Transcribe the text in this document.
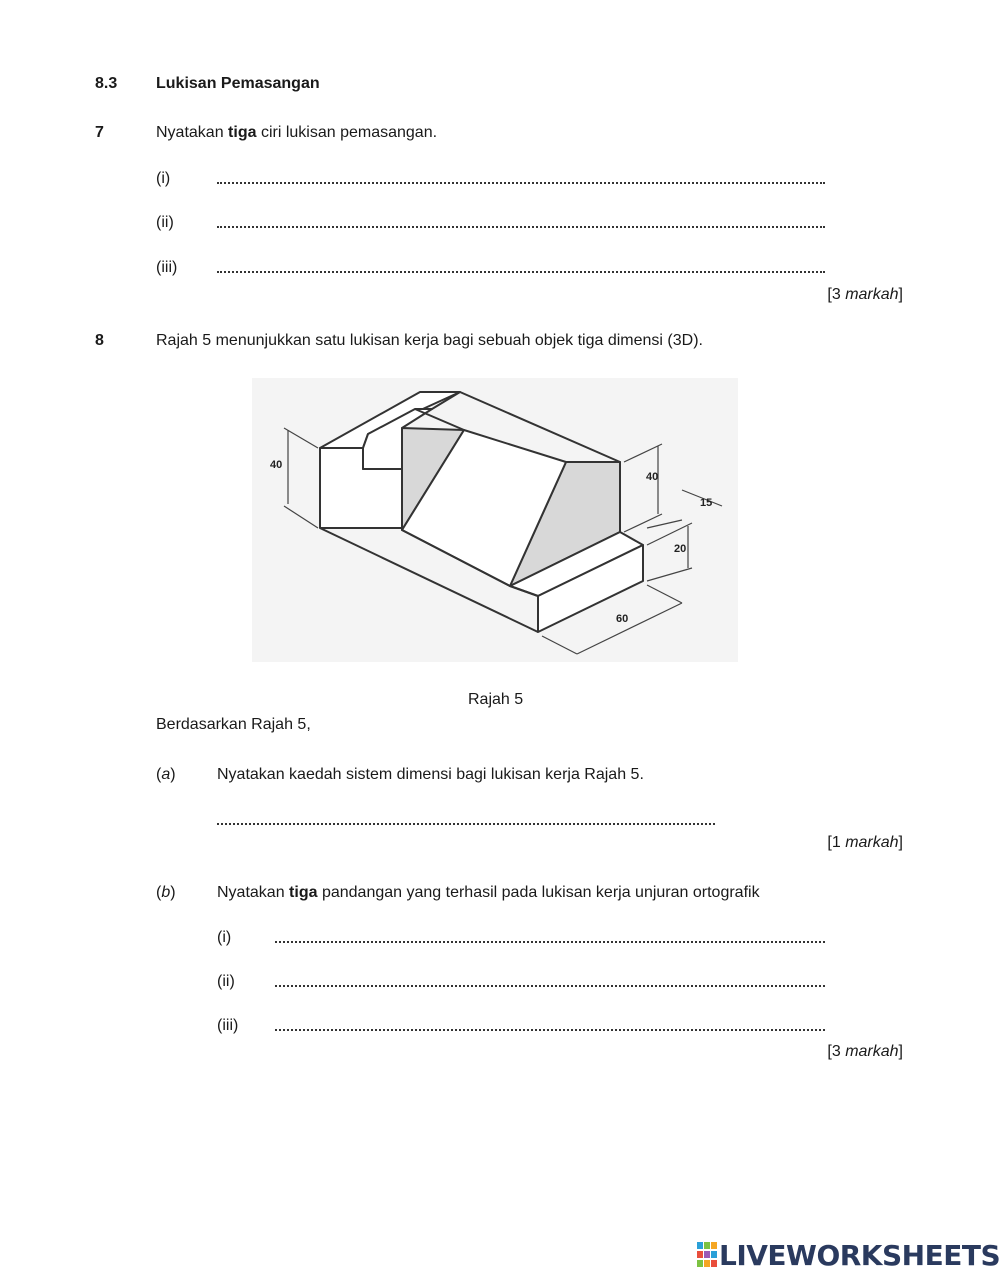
8.3 Lukisan Pemasangan
7	Nyatakan tiga ciri lukisan pemasangan.
(i)
(ii)
(iii)
[3 markah]
8	Rajah 5 menunjukkan satu lukisan kerja bagi sebuah objek tiga dimensi (3D).
40
40
15
20
60
Rajah 5
Berdasarkan Rajah 5,
(a)	Nyatakan kaedah sistem dimensi bagi lukisan kerja Rajah 5.
[1 markah]
(b)	Nyatakan tiga pandangan yang terhasil pada lukisan kerja unjuran ortografik
(i)
(ii)
(iii)
[3 markah]
LIVEWORKSHEETS
